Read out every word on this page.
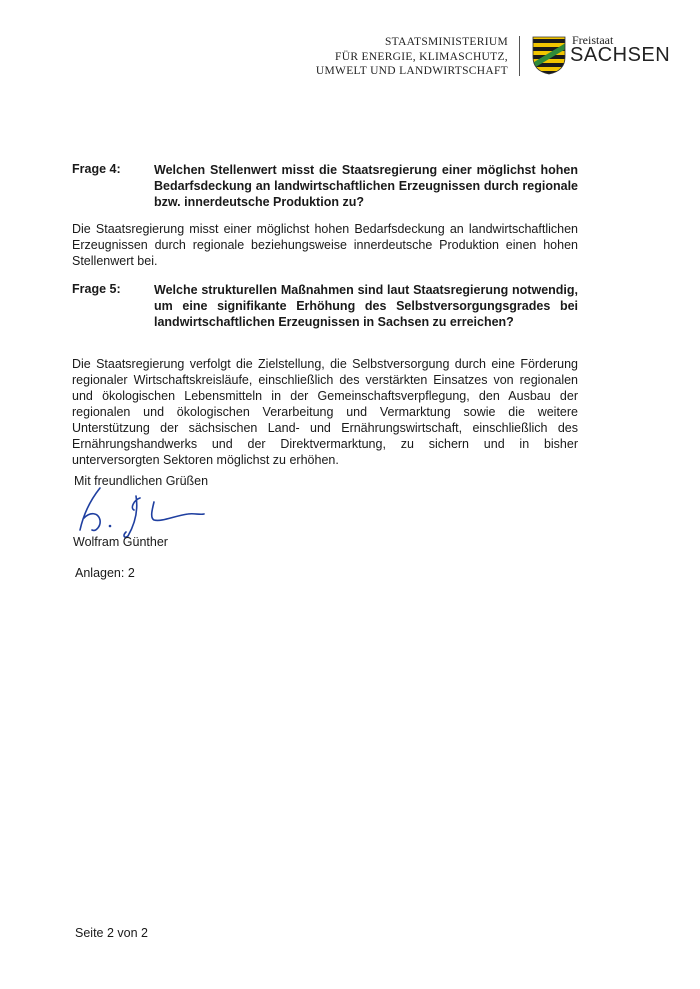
STAATSMINISTERIUM
FÜR ENERGIE, KLIMASCHUTZ,
UMWELT UND LANDWIRTSCHAFT
Freistaat
SACHSEN
Frage 4:	Welchen Stellenwert misst die Staatsregierung einer möglichst hohen Bedarfsdeckung an landwirtschaftlichen Erzeugnissen durch regionale bzw. innerdeutsche Produktion zu?
Die Staatsregierung misst einer möglichst hohen Bedarfsdeckung an landwirtschaftlichen Erzeugnissen durch regionale beziehungsweise innerdeutsche Produktion einen hohen Stellenwert bei.
Frage 5:	Welche strukturellen Maßnahmen sind laut Staatsregierung notwendig, um eine signifikante Erhöhung des Selbstversorgungsgrades bei landwirtschaftlichen Erzeugnissen in Sachsen zu erreichen?
Die Staatsregierung verfolgt die Zielstellung, die Selbstversorgung durch eine Förderung regionaler Wirtschaftskreisläufe, einschließlich des verstärkten Einsatzes von regionalen und ökologischen Lebensmitteln in der Gemeinschaftsverpflegung, den Ausbau der regionalen und ökologischen Verarbeitung und Vermarktung sowie die weitere Unterstützung der sächsischen Land- und Ernährungswirtschaft, einschließlich des Ernährungshandwerks und der Direktvermarktung, zu sichern und in bisher unterversorgten Sektoren möglichst zu erhöhen.
Mit freundlichen Grüßen
Wolfram Günther
Anlagen: 2
Seite 2 von 2
